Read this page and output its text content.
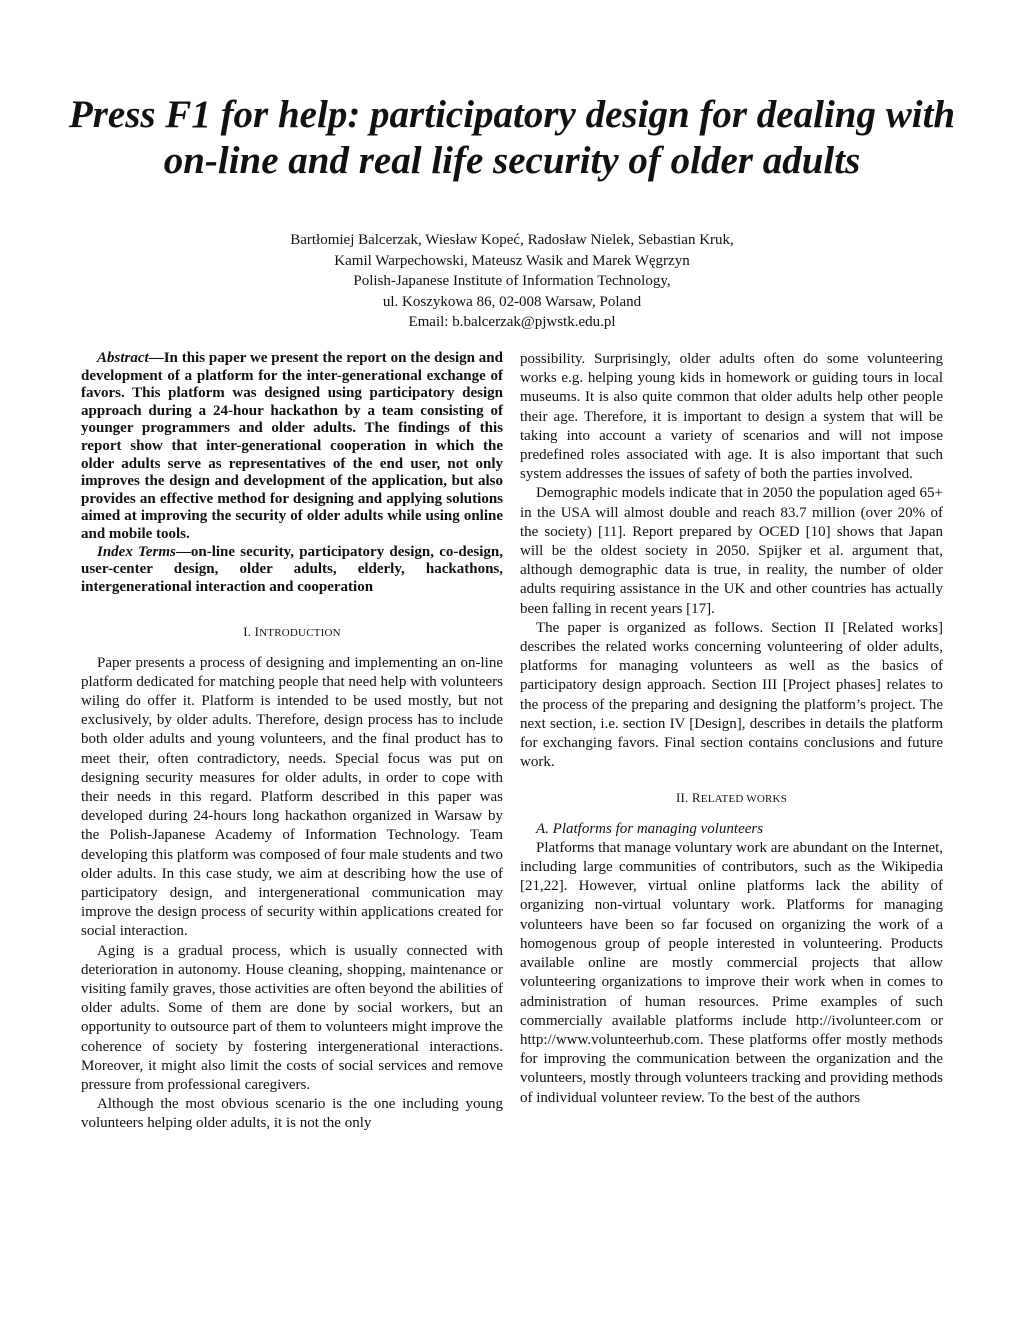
Press F1 for help: participatory design for dealing with on-line and real life security of older adults
Bartłomiej Balcerzak, Wiesław Kopeć, Radosław Nielek, Sebastian Kruk,
Kamil Warpechowski, Mateusz Wasik and Marek Węgrzyn
Polish-Japanese Institute of Information Technology,
ul. Koszykowa 86, 02-008 Warsaw, Poland
Email: b.balcerzak@pjwstk.edu.pl

Abstract—In this paper we present the report on the design and development of a platform for the inter-generational exchange of favors. This platform was designed using participatory design approach during a 24-hour hackathon by a team consisting of younger programmers and older adults. The findings of this report show that inter-generational cooperation in which the older adults serve as representatives of the end user, not only improves the design and development of the application, but also provides an effective method for designing and applying solutions aimed at improving the security of older adults while using online and mobile tools.

Index Terms—on-line security, participatory design, co-design, user-center design, older adults, elderly, hackathons, intergenerational interaction and cooperation

I. INTRODUCTION

Paper presents a process of designing and implementing an on-line platform dedicated for matching people that need help with volunteers wiling do offer it. Platform is intended to be used mostly, but not exclusively, by older adults. Therefore, design process has to include both older adults and young volunteers, and the final product has to meet their, often contradictory, needs. Special focus was put on designing security measures for older adults, in order to cope with their needs in this regard. Platform described in this paper was developed during 24-hours long hackathon organized in Warsaw by the Polish-Japanese Academy of Information Technology. Team developing this platform was composed of four male students and two older adults. In this case study, we aim at describing how the use of participatory design, and intergenerational communication may improve the design process of security within applications created for social interaction.

Aging is a gradual process, which is usually connected with deterioration in autonomy. House cleaning, shopping, maintenance or visiting family graves, those activities are often beyond the abilities of older adults. Some of them are done by social workers, but an opportunity to outsource part of them to volunteers might improve the coherence of society by fostering intergenerational interactions. Moreover, it might also limit the costs of social services and remove pressure from professional caregivers.

Although the most obvious scenario is the one including young volunteers helping older adults, it is not the only

possibility. Surprisingly, older adults often do some volunteering works e.g. helping young kids in homework or guiding tours in local museums. It is also quite common that older adults help other people their age. Therefore, it is important to design a system that will be taking into account a variety of scenarios and will not impose predefined roles associated with age. It is also important that such system addresses the issues of safety of both the parties involved.

Demographic models indicate that in 2050 the population aged 65+ in the USA will almost double and reach 83.7 million (over 20% of the society) [11]. Report prepared by OCED [10] shows that Japan will be the oldest society in 2050. Spijker et al. argument that, although demographic data is true, in reality, the number of older adults requiring assistance in the UK and other countries has actually been falling in recent years [17].

The paper is organized as follows. Section II [Related works] describes the related works concerning volunteering of older adults, platforms for managing volunteers as well as the basics of participatory design approach. Section III [Project phases] relates to the process of the preparing and designing the platform’s project. The next section, i.e. section IV [Design], describes in details the platform for exchanging favors. Final section contains conclusions and future work.

II. RELATED WORKS

A. Platforms for managing volunteers

Platforms that manage voluntary work are abundant on the Internet, including large communities of contributors, such as the Wikipedia [21,22]. However, virtual online platforms lack the ability of organizing non-virtual voluntary work. Platforms for managing volunteers have been so far focused on organizing the work of a homogenous group of people interested in volunteering. Products available online are mostly commercial projects that allow volunteering organizations to improve their work when in comes to administration of human resources. Prime examples of such commercially available platforms include http://ivolunteer.com or http://www.volunteerhub.com. These platforms offer mostly methods for improving the communication between the organization and the volunteers, mostly through volunteers tracking and providing methods of individual volunteer review. To the best of the authors
